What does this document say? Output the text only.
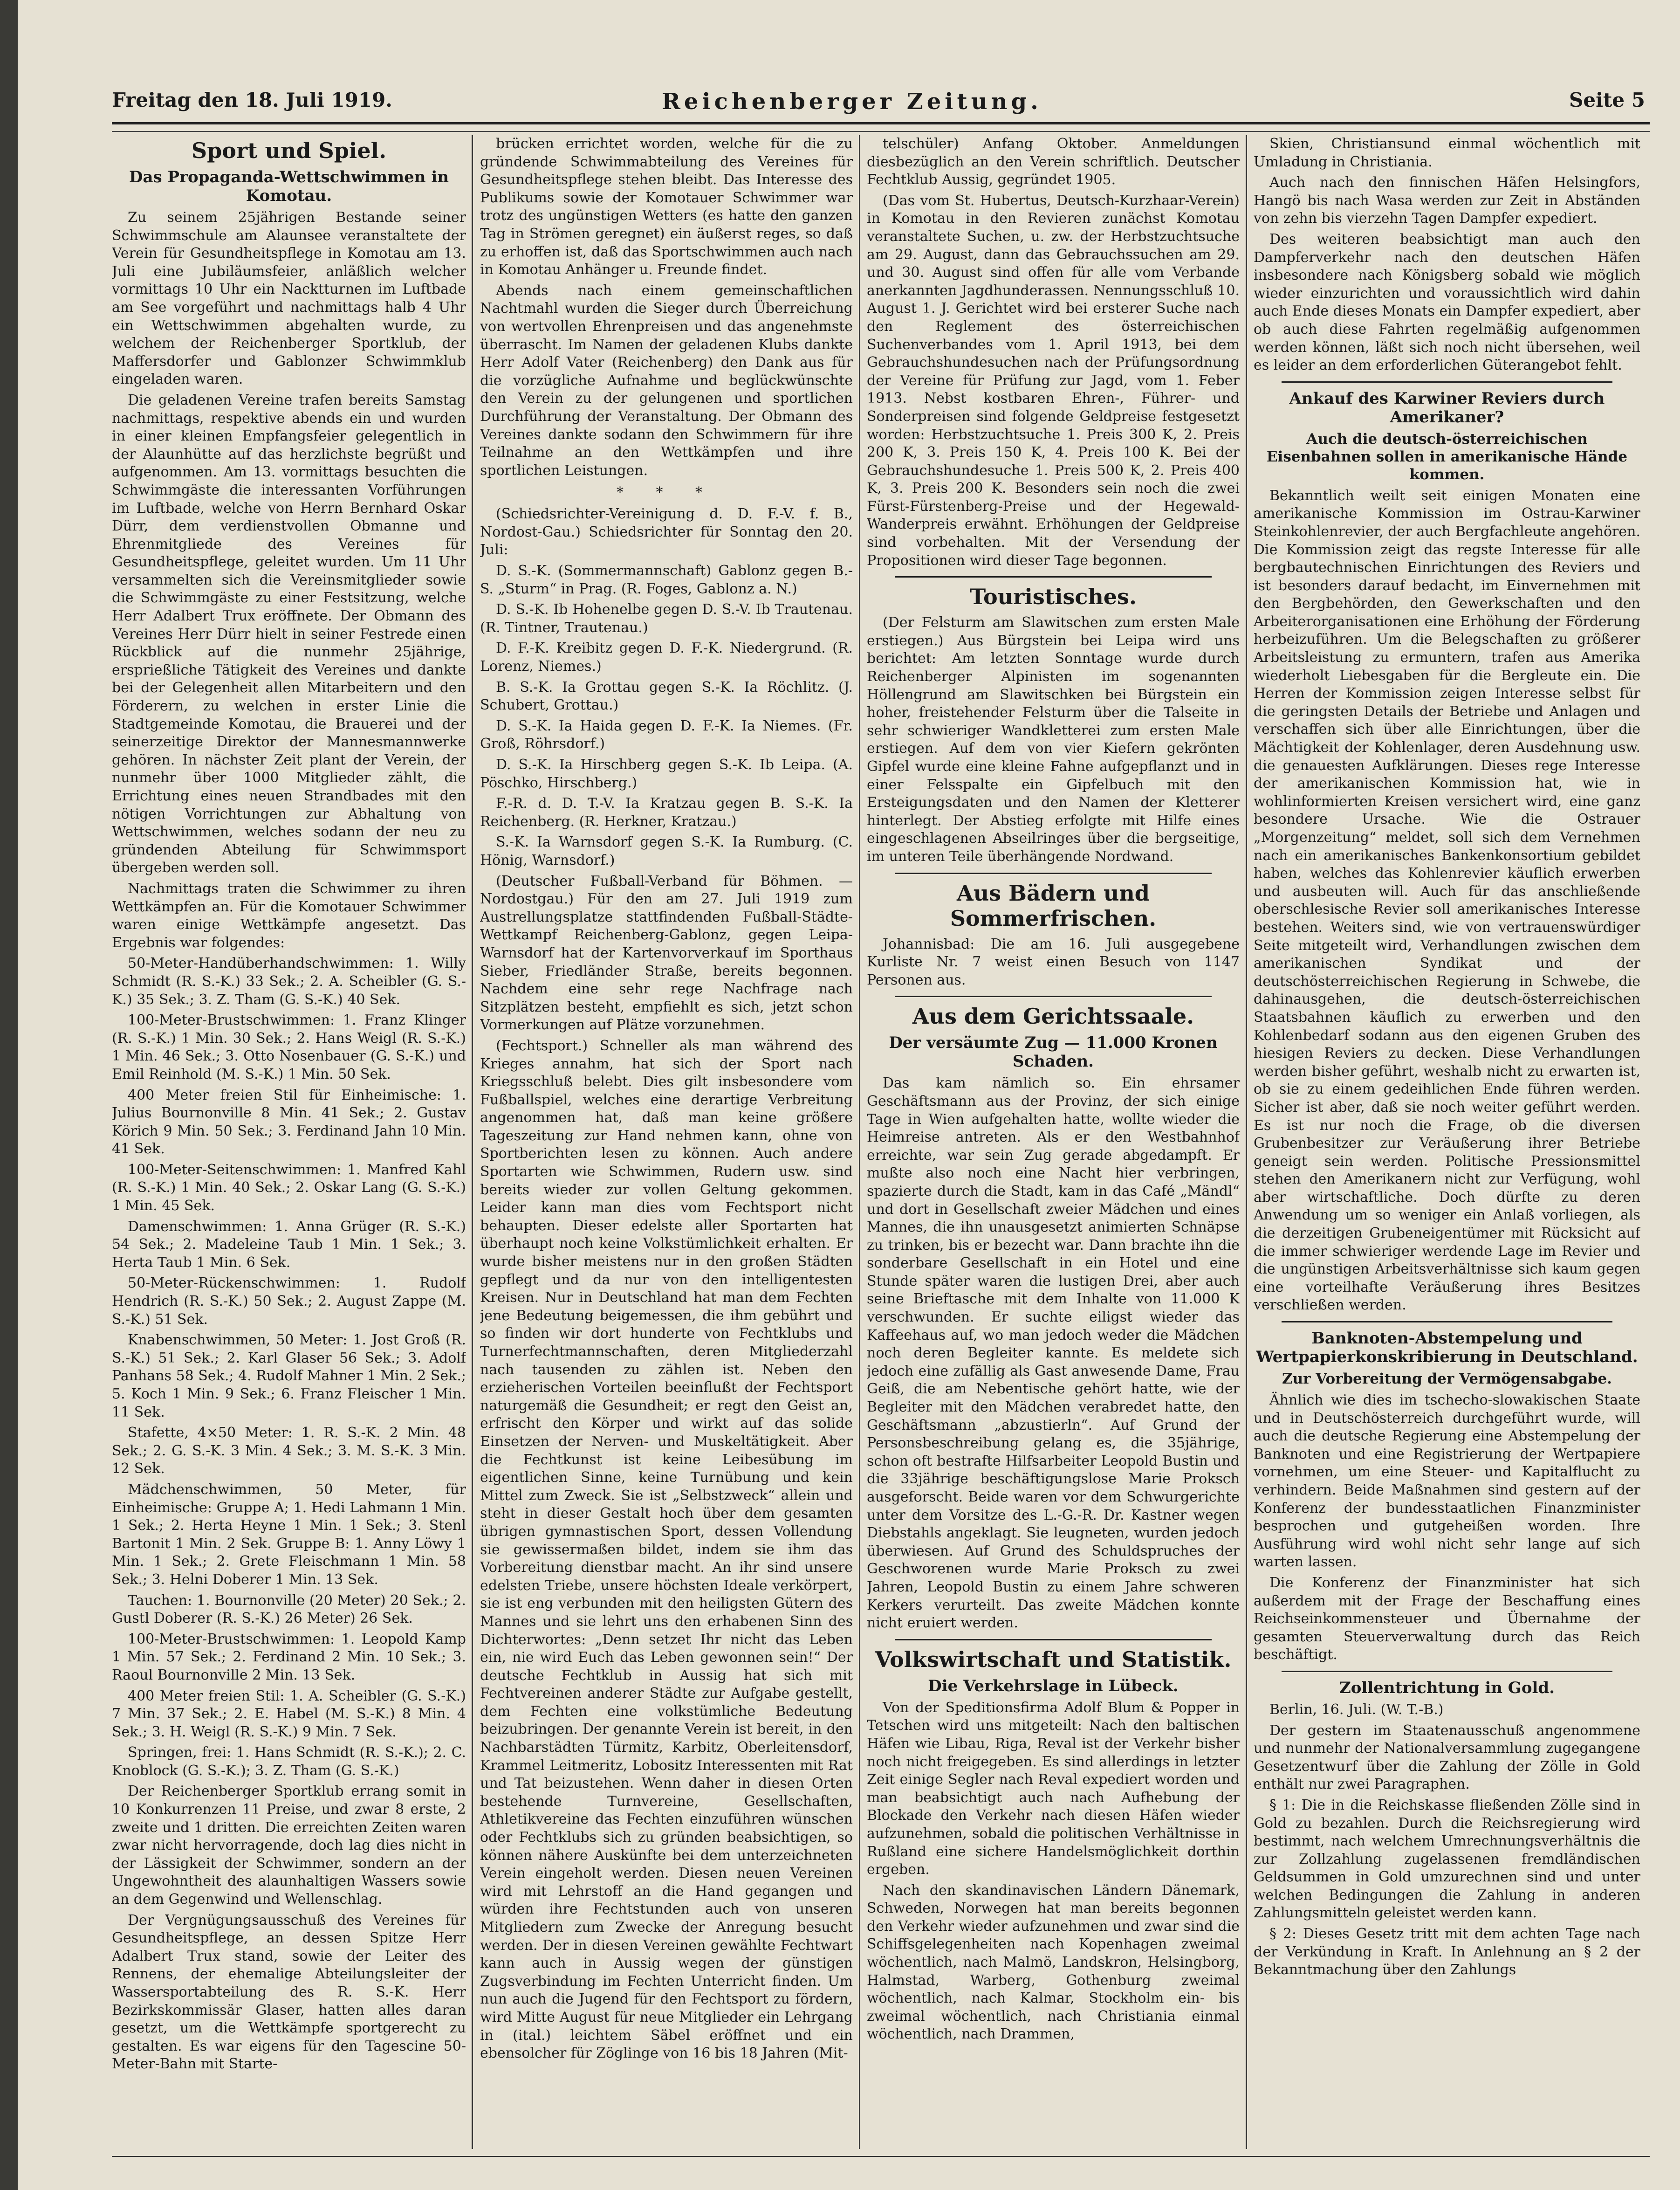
Freitag den 18. Juli 1919.	Reichenberger Zeitung.	Seite 5
Sport und Spiel.
Das Propaganda-Wettschwimmen in Komotau.

Zu seinem 25jährigen Bestande seiner Schwimmschule am Alaunsee veranstaltete der Verein für Gesundheitspflege in Komotau am 13. Juli eine Jubiläumsfeier, anläßlich welcher vormittags 10 Uhr ein Nacktturnen im Luftbade am See vorgeführt und nachmittags halb 4 Uhr ein Wettschwimmen abgehalten wurde, zu welchem der Reichenberger Sportklub, der Maffersdorfer und Gablonzer Schwimmklub eingeladen waren.

Die geladenen Vereine trafen bereits Samstag nachmittags, respektive abends ein und wurden in einer kleinen Empfangsfeier gelegentlich in der Alaunhütte auf das herzlichste begrüßt und aufgenommen. Am 13. vormittags besuchten die Schwimmgäste die interessanten Vorführungen im Luftbade, welche von Herrn Bernhard Oskar Dürr, dem verdienstvollen Obmanne und Ehrenmitgliede des Vereines für Gesundheitspflege, geleitet wurden. Um 11 Uhr versammelten sich die Vereinsmitglieder sowie die Schwimmgäste zu einer Festsitzung, welche Herr Adalbert Trux eröffnete. Der Obmann des Vereines Herr Dürr hielt in seiner Festrede einen Rückblick auf die nunmehr 25jährige, ersprießliche Tätigkeit des Vereines und dankte bei der Gelegenheit allen Mitarbeitern und den Förderern, zu welchen in erster Linie die Stadtgemeinde Komotau, die Brauerei und der seinerzeitige Direktor der Mannesmannwerke gehören. In nächster Zeit plant der Verein, der nunmehr über 1000 Mitglieder zählt, die Errichtung eines neuen Strandbades mit den nötigen Vorrichtungen zur Abhaltung von Wettschwimmen, welches sodann der neu zu gründenden Abteilung für Schwimmsport übergeben werden soll.

Nachmittags traten die Schwimmer zu ihren Wettkämpfen an. Für die Komotauer Schwimmer waren einige Wettkämpfe angesetzt. Das Ergebnis war folgendes:

50-Meter-Handüberhandschwimmen: 1. Willy Schmidt (R. S.-K.) 33 Sek.; 2. A. Scheibler (G. S.-K.) 35 Sek.; 3. Z. Tham (G. S.-K.) 40 Sek.

100-Meter-Brustschwimmen: 1. Franz Klinger (R. S.-K.) 1 Min. 30 Sek.; 2. Hans Weigl (R. S.-K.) 1 Min. 46 Sek.; 3. Otto Nosenbauer (G. S.-K.) und Emil Reinhold (M. S.-K.) 1 Min. 50 Sek.

400 Meter freien Stil für Einheimische: 1. Julius Bournonville 8 Min. 41 Sek.; 2. Gustav Körich 9 Min. 50 Sek.; 3. Ferdinand Jahn 10 Min. 41 Sek.

100-Meter-Seitenschwimmen: 1. Manfred Kahl (R. S.-K.) 1 Min. 40 Sek.; 2. Oskar Lang (G. S.-K.) 1 Min. 45 Sek.

Damenschwimmen: 1. Anna Grüger (R. S.-K.) 54 Sek.; 2. Madeleine Taub 1 Min. 1 Sek.; 3. Herta Taub 1 Min. 6 Sek.

50-Meter-Rückenschwimmen: 1. Rudolf Hendrich (R. S.-K.) 50 Sek.; 2. August Zappe (M. S.-K.) 51 Sek.

Knabenschwimmen, 50 Meter: 1. Jost Groß (R. S.-K.) 51 Sek.; 2. Karl Glaser 56 Sek.; 3. Adolf Panhans 58 Sek.; 4. Rudolf Mahner 1 Min. 2 Sek.; 5. Koch 1 Min. 9 Sek.; 6. Franz Fleischer 1 Min. 11 Sek.

Stafette, 4×50 Meter: 1. R. S.-K. 2 Min. 48 Sek.; 2. G. S.-K. 3 Min. 4 Sek.; 3. M. S.-K. 3 Min. 12 Sek.

Mädchenschwimmen, 50 Meter, für Einheimische: Gruppe A; 1. Hedi Lahmann 1 Min. 1 Sek.; 2. Herta Heyne 1 Min. 1 Sek.; 3. Stenl Bartonit 1 Min. 2 Sek. Gruppe B: 1. Anny Löwy 1 Min. 1 Sek.; 2. Grete Fleischmann 1 Min. 58 Sek.; 3. Helni Doberer 1 Min. 13 Sek.

Tauchen: 1. Bournonville (20 Meter) 20 Sek.; 2. Gustl Doberer (R. S.-K.) 26 Meter) 26 Sek.

100-Meter-Brustschwimmen: 1. Leopold Kamp 1 Min. 57 Sek.; 2. Ferdinand 2 Min. 10 Sek.; 3. Raoul Bournonville 2 Min. 13 Sek.

400 Meter freien Stil: 1. A. Scheibler (G. S.-K.) 7 Min. 37 Sek.; 2. E. Habel (M. S.-K.) 8 Min. 4 Sek.; 3. H. Weigl (R. S.-K.) 9 Min. 7 Sek.

Springen, frei: 1. Hans Schmidt (R. S.-K.); 2. C. Knoblock (G. S.-K.); 3. Z. Tham (G. S.-K.)

Der Reichenberger Sportklub errang somit in 10 Konkurrenzen 11 Preise, und zwar 8 erste, 2 zweite und 1 dritten. Die erreichten Zeiten waren zwar nicht hervorragende, doch lag dies nicht in der Lässigkeit der Schwimmer, sondern an der Ungewohntheit des alaunhaltigen Wassers sowie an dem Gegenwind und Wellenschlag.

Der Vergnügungsausschuß des Vereines für Gesundheitspflege, an dessen Spitze Herr Adalbert Trux stand, sowie der Leiter des Rennens, der ehemalige Abteilungsleiter der Wassersportabteilung des R. S.-K. Herr Bezirkskommissär Glaser, hatten alles daran gesetzt, um die Wettkämpfe sportgerecht zu gestalten. Es war eigens für den Tagescine 50-Meter-Bahn mit Starte-

brücken errichtet worden, welche für die zu gründende Schwimmabteilung des Vereines für Gesundheitspflege stehen bleibt. Das Interesse des Publikums sowie der Komotauer Schwimmer war trotz des ungünstigen Wetters (es hatte den ganzen Tag in Strömen geregnet) ein äußerst reges, so daß zu erhoffen ist, daß das Sportschwimmen auch nach in Komotau Anhänger u. Freunde findet.

Abends nach einem gemeinschaftlichen Nachtmahl wurden die Sieger durch Überreichung von wertvollen Ehrenpreisen und das angenehmste überrascht. Im Namen der geladenen Klubs dankte Herr Adolf Vater (Reichenberg) den Dank aus für die vorzügliche Aufnahme und beglückwünschte den Verein zu der gelungenen und sportlichen Durchführung der Veranstaltung. Der Obmann des Vereines dankte sodann den Schwimmern für ihre Teilnahme an den Wettkämpfen und ihre sportlichen Leistungen.

* * *

(Schiedsrichter-Vereinigung d. D. F.-V. f. B., Nordost-Gau.) Schiedsrichter für Sonntag den 20. Juli:

D. S.-K. (Sommermannschaft) Gablonz gegen B.-S. „Sturm“ in Prag. (R. Foges, Gablonz a. N.)

D. S.-K. Ib Hohenelbe gegen D. S.-V. Ib Trautenau. (R. Tintner, Trautenau.)

D. F.-K. Kreibitz gegen D. F.-K. Niedergrund. (R. Lorenz, Niemes.)

B. S.-K. Ia Grottau gegen S.-K. Ia Röchlitz. (J. Schubert, Grottau.)

D. S.-K. Ia Haida gegen D. F.-K. Ia Niemes. (Fr. Groß, Röhrsdorf.)

D. S.-K. Ia Hirschberg gegen S.-K. Ib Leipa. (A. Pöschko, Hirschberg.)

F.-R. d. D. T.-V. Ia Kratzau gegen B. S.-K. Ia Reichenberg. (R. Herkner, Kratzau.)

S.-K. Ia Warnsdorf gegen S.-K. Ia Rumburg. (C. Hönig, Warnsdorf.)

(Deutscher Fußball-Verband für Böhmen. — Nordostgau.) Für den am 27. Juli 1919 zum Austrellungsplatze stattfindenden Fußball-Städte-Wettkampf Reichenberg-Gablonz, gegen Leipa-Warnsdorf hat der Kartenvorverkauf im Sporthaus Sieber, Friedländer Straße, bereits begonnen. Nachdem eine sehr rege Nachfrage nach Sitzplätzen besteht, empfiehlt es sich, jetzt schon Vormerkungen auf Plätze vorzunehmen.

(Fechtsport.) Schneller als man während des Krieges annahm, hat sich der Sport nach Kriegsschluß belebt. Dies gilt insbesondere vom Fußballspiel, welches eine derartige Verbreitung angenommen hat, daß man keine größere Tageszeitung zur Hand nehmen kann, ohne von Sportberichten lesen zu können. Auch andere Sportarten wie Schwimmen, Rudern usw. sind bereits wieder zur vollen Geltung gekommen. Leider kann man dies vom Fechtsport nicht behaupten. Dieser edelste aller Sportarten hat überhaupt noch keine Volkstümlichkeit erhalten. Er wurde bisher meistens nur in den großen Städten gepflegt und da nur von den intelligentesten Kreisen. Nur in Deutschland hat man dem Fechten jene Bedeutung beigemessen, die ihm gebührt und so finden wir dort hunderte von Fechtklubs und Turnerfechtmannschaften, deren Mitgliederzahl nach tausenden zu zählen ist. Neben den erzieherischen Vorteilen beeinflußt der Fechtsport naturgemäß die Gesundheit; er regt den Geist an, erfrischt den Körper und wirkt auf das solide Einsetzen der Nerven- und Muskeltätigkeit. Aber die Fechtkunst ist keine Leibesübung im eigentlichen Sinne, keine Turnübung und kein Mittel zum Zweck. Sie ist „Selbstzweck“ allein und steht in dieser Gestalt hoch über dem gesamten übrigen gymnastischen Sport, dessen Vollendung sie gewissermaßen bildet, indem sie ihm das Vorbereitung dienstbar macht. An ihr sind unsere edelsten Triebe, unsere höchsten Ideale verkörpert, sie ist eng verbunden mit den heiligsten Gütern des Mannes und sie lehrt uns den erhabenen Sinn des Dichterwortes: „Denn setzet Ihr nicht das Leben ein, nie wird Euch das Leben gewonnen sein!“ Der deutsche Fechtklub in Aussig hat sich mit Fechtvereinen anderer Städte zur Aufgabe gestellt, dem Fechten eine volkstümliche Bedeutung beizubringen. Der genannte Verein ist bereit, in den Nachbarstädten Türmitz, Karbitz, Oberleitensdorf, Krammel Leitmeritz, Lobositz Interessenten mit Rat und Tat beizustehen. Wenn daher in diesen Orten bestehende Turnvereine, Gesellschaften, Athletikvereine das Fechten einzuführen wünschen oder Fechtklubs sich zu gründen beabsichtigen, so können nähere Auskünfte bei dem unterzeichneten Verein eingeholt werden. Diesen neuen Vereinen wird mit Lehrstoff an die Hand gegangen und würden ihre Fechtstunden auch von unseren Mitgliedern zum Zwecke der Anregung besucht werden. Der in diesen Vereinen gewählte Fechtwart kann auch in Aussig wegen der günstigen Zugsverbindung im Fechten Unterricht finden. Um nun auch die Jugend für den Fechtsport zu fördern, wird Mitte August für neue Mitglieder ein Lehrgang in (ital.) leichtem Säbel eröffnet und ein ebensolcher für Zöglinge von 16 bis 18 Jahren (Mit-

telschüler) Anfang Oktober. Anmeldungen diesbezüglich an den Verein schriftlich. Deutscher Fechtklub Aussig, gegründet 1905.

(Das vom St. Hubertus, Deutsch-Kurzhaar-Verein) in Komotau in den Revieren zunächst Komotau veranstaltete Suchen, u. zw. der Herbstzuchtsuche am 29. August, dann das Gebrauchssuchen am 29. und 30. August sind offen für alle vom Verbande anerkannten Jagdhunderassen. Nennungsschluß 10. August 1. J. Gerichtet wird bei ersterer Suche nach den Reglement des österreichischen Suchenverbandes vom 1. April 1913, bei dem Gebrauchshundesuchen nach der Prüfungsordnung der Vereine für Prüfung zur Jagd, vom 1. Feber 1913. Nebst kostbaren Ehren-, Führer- und Sonderpreisen sind folgende Geldpreise festgesetzt worden: Herbstzuchtsuche 1. Preis 300 K, 2. Preis 200 K, 3. Preis 150 K, 4. Preis 100 K. Bei der Gebrauchshundesuche 1. Preis 500 K, 2. Preis 400 K, 3. Preis 200 K. Besonders sein noch die zwei Fürst-Fürstenberg-Preise und der Hegewald-Wanderpreis erwähnt. Erhöhungen der Geldpreise sind vorbehalten. Mit der Versendung der Propositionen wird dieser Tage begonnen.

Touristisches.

(Der Felsturm am Slawitschen zum ersten Male erstiegen.) Aus Bürgstein bei Leipa wird uns berichtet: Am letzten Sonntage wurde durch Reichenberger Alpinisten im sogenannten Höllengrund am Slawitschken bei Bürgstein ein hoher, freistehender Felsturm über die Talseite in sehr schwieriger Wandkletterei zum ersten Male erstiegen. Auf dem von vier Kiefern gekrönten Gipfel wurde eine kleine Fahne aufgepflanzt und in einer Felsspalte ein Gipfelbuch mit den Ersteigungsdaten und den Namen der Kletterer hinterlegt. Der Abstieg erfolgte mit Hilfe eines eingeschlagenen Abseilringes über die bergseitige, im unteren Teile überhängende Nordwand.

Aus Bädern und Sommerfrischen.

Johannisbad: Die am 16. Juli ausgegebene Kurliste Nr. 7 weist einen Besuch von 1147 Personen aus.

Aus dem Gerichtssaale.
Der versäumte Zug — 11.000 Kronen Schaden.

Das kam nämlich so. Ein ehrsamer Geschäftsmann aus der Provinz, der sich einige Tage in Wien aufgehalten hatte, wollte wieder die Heimreise antreten. Als er den Westbahnhof erreichte, war sein Zug gerade abgedampft. Er mußte also noch eine Nacht hier verbringen, spazierte durch die Stadt, kam in das Café „Mändl“ und dort in Gesellschaft zweier Mädchen und eines Mannes, die ihn unausgesetzt animierten Schnäpse zu trinken, bis er bezecht war. Dann brachte ihn die sonderbare Gesellschaft in ein Hotel und eine Stunde später waren die lustigen Drei, aber auch seine Brieftasche mit dem Inhalte von 11.000 K verschwunden. Er suchte eiligst wieder das Kaffeehaus auf, wo man jedoch weder die Mädchen noch deren Begleiter kannte. Es meldete sich jedoch eine zufällig als Gast anwesende Dame, Frau Geiß, die am Nebentische gehört hatte, wie der Begleiter mit den Mädchen verabredet hatte, den Geschäftsmann „abzustierln“. Auf Grund der Personsbeschreibung gelang es, die 35jährige, schon oft bestrafte Hilfsarbeiter Leopold Bustin und die 33jährige beschäftigungslose Marie Proksch ausgeforscht. Beide waren vor dem Schwurgerichte unter dem Vorsitze des L.-G.-R. Dr. Kastner wegen Diebstahls angeklagt. Sie leugneten, wurden jedoch überwiesen. Auf Grund des Schuldspruches der Geschworenen wurde Marie Proksch zu zwei Jahren, Leopold Bustin zu einem Jahre schweren Kerkers verurteilt. Das zweite Mädchen konnte nicht eruiert werden.

Volkswirtschaft und Statistik.
Die Verkehrslage in Lübeck.

Von der Speditionsfirma Adolf Blum & Popper in Tetschen wird uns mitgeteilt: Nach den baltischen Häfen wie Libau, Riga, Reval ist der Verkehr bisher noch nicht freigegeben. Es sind allerdings in letzter Zeit einige Segler nach Reval expediert worden und man beabsichtigt auch nach Aufhebung der Blockade den Verkehr nach diesen Häfen wieder aufzunehmen, sobald die politischen Verhältnisse in Rußland eine sichere Handelsmöglichkeit dorthin ergeben.

Nach den skandinavischen Ländern Dänemark, Schweden, Norwegen hat man bereits begonnen den Verkehr wieder aufzunehmen und zwar sind die Schiffsgelegenheiten nach Kopenhagen zweimal wöchentlich, nach Malmö, Landskron, Helsingborg, Halmstad, Warberg, Gothenburg zweimal wöchentlich, nach Kalmar, Stockholm ein- bis zweimal wöchentlich, nach Christiania einmal wöchentlich, nach Drammen,

Skien, Christiansund einmal wöchentlich mit Umladung in Christiania.

Auch nach den finnischen Häfen Helsingfors, Hangö bis nach Wasa werden zur Zeit in Abständen von zehn bis vierzehn Tagen Dampfer expediert.

Des weiteren beabsichtigt man auch den Dampferverkehr nach den deutschen Häfen insbesondere nach Königsberg sobald wie möglich wieder einzurichten und voraussichtlich wird dahin auch Ende dieses Monats ein Dampfer expediert, aber ob auch diese Fahrten regelmäßig aufgenommen werden können, läßt sich noch nicht übersehen, weil es leider an dem erforderlichen Güterangebot fehlt.

Ankauf des Karwiner Reviers durch Amerikaner?
Auch die deutsch-österreichischen Eisenbahnen sollen in amerikanische Hände kommen.

Bekanntlich weilt seit einigen Monaten eine amerikanische Kommission im Ostrau-Karwiner Steinkohlenrevier, der auch Bergfachleute angehören. Die Kommission zeigt das regste Interesse für alle bergbautechnischen Einrichtungen des Reviers und ist besonders darauf bedacht, im Einvernehmen mit den Bergbehörden, den Gewerkschaften und den Arbeiterorganisationen eine Erhöhung der Förderung herbeizuführen. Um die Belegschaften zu größerer Arbeitsleistung zu ermuntern, trafen aus Amerika wiederholt Liebesgaben für die Bergleute ein. Die Herren der Kommission zeigen Interesse selbst für die geringsten Details der Betriebe und Anlagen und verschaffen sich über alle Einrichtungen, über die Mächtigkeit der Kohlenlager, deren Ausdehnung usw. die genauesten Aufklärungen. Dieses rege Interesse der amerikanischen Kommission hat, wie in wohlinformierten Kreisen versichert wird, eine ganz besondere Ursache. Wie die Ostrauer „Morgenzeitung“ meldet, soll sich dem Vernehmen nach ein amerikanisches Bankenkonsortium gebildet haben, welches das Kohlenrevier käuflich erwerben und ausbeuten will. Auch für das anschließende oberschlesische Revier soll amerikanisches Interesse bestehen. Weiters sind, wie von vertrauenswürdiger Seite mitgeteilt wird, Verhandlungen zwischen dem amerikanischen Syndikat und der deutschösterreichischen Regierung in Schwebe, die dahinausgehen, die deutsch-österreichischen Staatsbahnen käuflich zu erwerben und den Kohlenbedarf sodann aus den eigenen Gruben des hiesigen Reviers zu decken. Diese Verhandlungen werden bisher geführt, weshalb nicht zu erwarten ist, ob sie zu einem gedeihlichen Ende führen werden. Sicher ist aber, daß sie noch weiter geführt werden. Es ist nur noch die Frage, ob die diversen Grubenbesitzer zur Veräußerung ihrer Betriebe geneigt sein werden. Politische Pressionsmittel stehen den Amerikanern nicht zur Verfügung, wohl aber wirtschaftliche. Doch dürfte zu deren Anwendung um so weniger ein Anlaß vorliegen, als die derzeitigen Grubeneigentümer mit Rücksicht auf die immer schwieriger werdende Lage im Revier und die ungünstigen Arbeitsverhältnisse sich kaum gegen eine vorteilhafte Veräußerung ihres Besitzes verschließen werden.

Banknoten-Abstempelung und Wertpapierkonskribierung in Deutschland.
Zur Vorbereitung der Vermögensabgabe.

Ähnlich wie dies im tschecho-slowakischen Staate und in Deutschösterreich durchgeführt wurde, will auch die deutsche Regierung eine Abstempelung der Banknoten und eine Registrierung der Wertpapiere vornehmen, um eine Steuer- und Kapitalflucht zu verhindern. Beide Maßnahmen sind gestern auf der Konferenz der bundesstaatlichen Finanzminister besprochen und gutgeheißen worden. Ihre Ausführung wird wohl nicht sehr lange auf sich warten lassen.

Die Konferenz der Finanzminister hat sich außerdem mit der Frage der Beschaffung eines Reichseinkommensteuer und Übernahme der gesamten Steuerverwaltung durch das Reich beschäftigt.

Zollentrichtung in Gold.

Berlin, 16. Juli. (W. T.-B.)

Der gestern im Staatenausschuß angenommene und nunmehr der Nationalversammlung zugegangene Gesetzentwurf über die Zahlung der Zölle in Gold enthält nur zwei Paragraphen.

§ 1: Die in die Reichskasse fließenden Zölle sind in Gold zu bezahlen. Durch die Reichsregierung wird bestimmt, nach welchem Umrechnungsverhältnis die zur Zollzahlung zugelassenen fremdländischen Geldsummen in Gold umzurechnen sind und unter welchen Bedingungen die Zahlung in anderen Zahlungsmitteln geleistet werden kann.

§ 2: Dieses Gesetz tritt mit dem achten Tage nach der Verkündung in Kraft. In Anlehnung an § 2 der Bekanntmachung über den Zahlungs
